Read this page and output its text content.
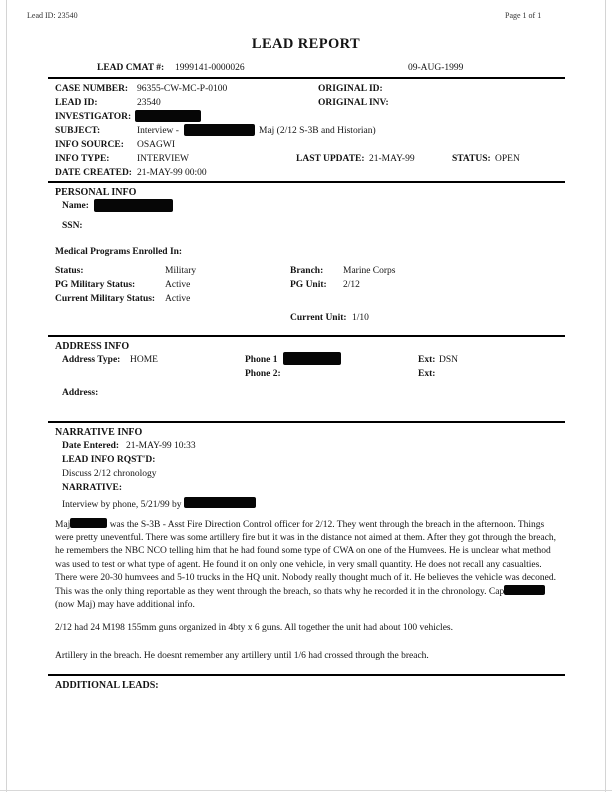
Lead ID: 23540	Page 1 of 1
LEAD REPORT
LEAD CMAT #: 1999141-0000026	09-AUG-1999
CASE NUMBER: 96355-CW-MC-P-0100	ORIGINAL ID:
LEAD ID:	23540	ORIGINAL INV:
INVESTIGATOR:
SUBJECT:	Interview -	Maj (2/12 S-3B and Historian)
INFO SOURCE: OSAGWI
INFO TYPE:	INTERVIEW	LAST UPDATE: 21-MAY-99	STATUS: OPEN
DATE CREATED: 21-MAY-99 00:00
PERSONAL INFO
Name:
SSN:
Medical Programs Enrolled In:
Status:	Military	Branch: Marine Corps
PG Military Status:	Active	PG Unit: 2/12
Current Military Status: Active
Current Unit: 1/10
ADDRESS INFO
Address Type: HOME	Phone 1	Ext: DSN
Phone 2:	Ext:
Address:
NARRATIVE INFO
Date Entered: 21-MAY-99 10:33
LEAD INFO RQST'D:
Discuss 2/12 chronology
NARRATIVE:
Interview by phone, 5/21/99 by
Maj	was the S-3B - Asst Fire Direction Control officer for 2/12. They went through the breach in the afternoon. Things were pretty uneventful. There was some artillery fire but it was in the distance not aimed at them. After they got through the breach, he remembers the NBC NCO telling him that he had found some type of CWA on one of the Humvees. He is unclear what method was used to test or what type of agent. He found it on only one vehicle, in very small quantity. He does not recall any casualties. There were 20-30 humvees and 5-10 trucks in the HQ unit. Nobody really thought much of it. He believes the vehicle was deconed. This was the only thing reportable as they went through the breach, so thats why he recorded it in the chronology. Cap(now Maj) may have additional info.
2/12 had 24 M198 155mm guns organized in 4bty x 6 guns. All together the unit had about 100 vehicles.
Artillery in the breach. He doesnt remember any artillery until 1/6 had crossed through the breach.
ADDITIONAL LEADS:
